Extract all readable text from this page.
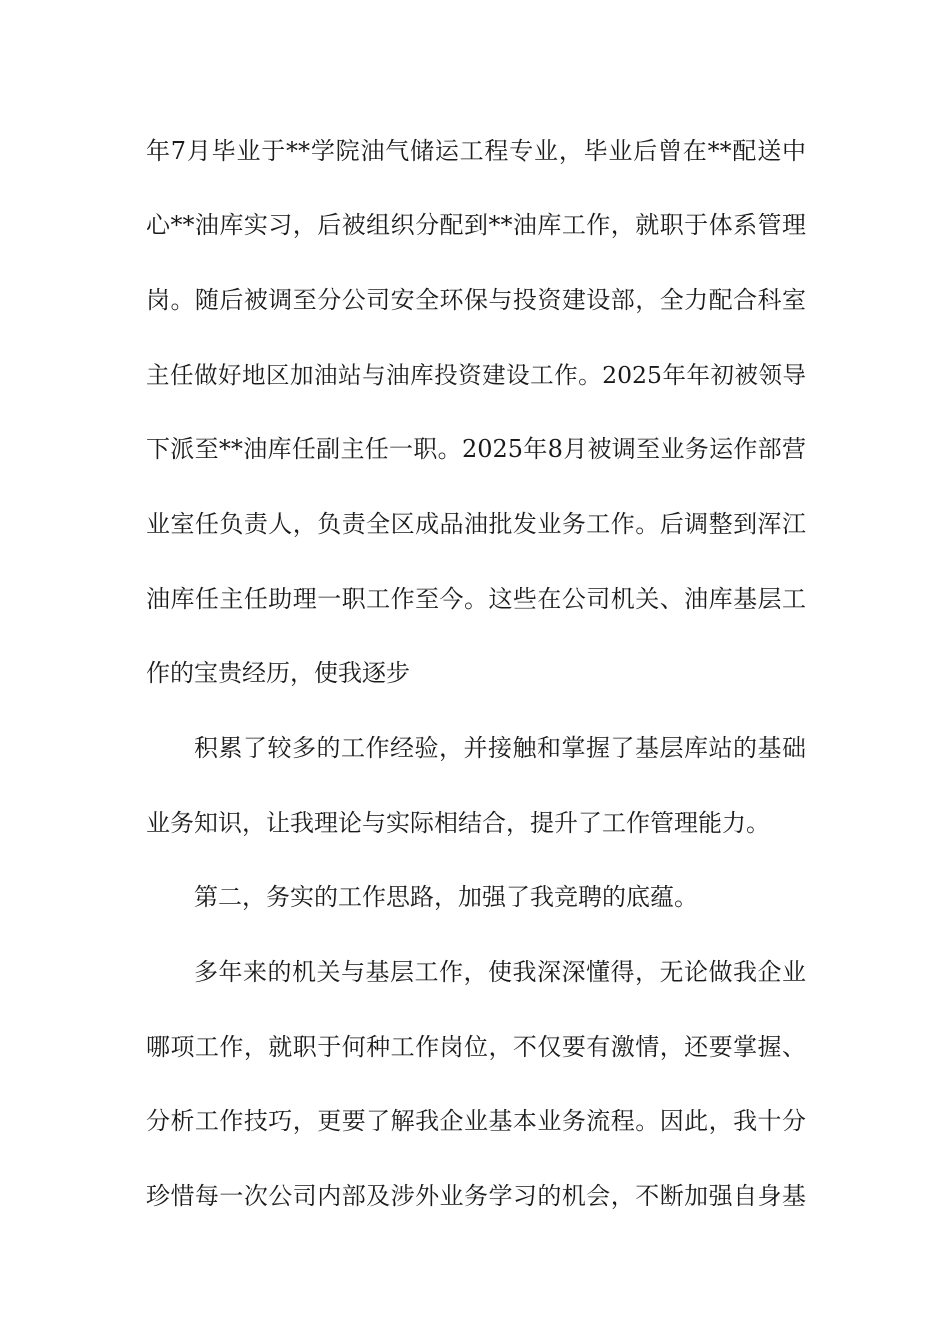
年7月毕业于**学院油气储运工程专业，毕业后曾在**配送中
心**油库实习，后被组织分配到**油库工作，就职于体系管理
岗。随后被调至分公司安全环保与投资建设部，全力配合科室
主任做好地区加油站与油库投资建设工作。2025年年初被领导
下派至**油库任副主任一职。2025年8月被调至业务运作部营
业室任负责人，负责全区成品油批发业务工作。后调整到浑江
油库任主任助理一职工作至今。这些在公司机关、油库基层工
作的宝贵经历，使我逐步
积累了较多的工作经验，并接触和掌握了基层库站的基础
业务知识，让我理论与实际相结合，提升了工作管理能力。
第二，务实的工作思路，加强了我竞聘的底蕴。
多年来的机关与基层工作，使我深深懂得，无论做我企业
哪项工作，就职于何种工作岗位，不仅要有激情，还要掌握、
分析工作技巧，更要了解我企业基本业务流程。因此，我十分
珍惜每一次公司内部及涉外业务学习的机会，不断加强自身基
